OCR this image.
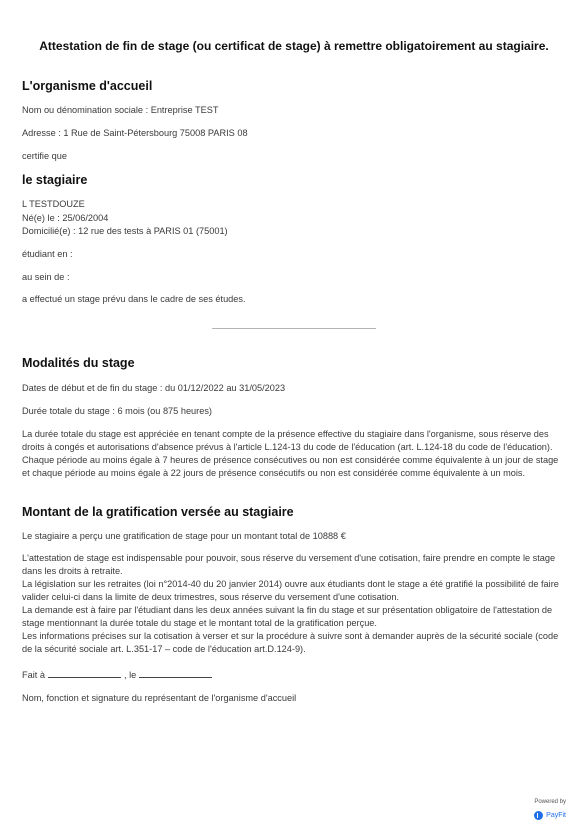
Attestation de fin de stage (ou certificat de stage) à remettre obligatoirement au stagiaire.
L'organisme d'accueil

Nom ou dénomination sociale : Entreprise TEST

Adresse : 1 Rue de Saint-Pétersbourg 75008 PARIS 08

certifie que

le stagiaire

L TESTDOUZE

Né(e) le : 25/06/2004

Domicilié(e) : 12 rue des tests à PARIS 01 (75001)

étudiant en :

au sein de :

a effectué un stage prévu dans le cadre de ses études.

Modalités du stage

Dates de début et de fin du stage : du 01/12/2022 au 31/05/2023

Durée totale du stage : 6 mois (ou 875 heures)

La durée totale du stage est appréciée en tenant compte de la présence effective du stagiaire dans l'organisme, sous réserve des droits à congés et autorisations d'absence prévus à l'article L.124-13 du code de l'éducation (art. L.124-18 du code de l'éducation). Chaque période au moins égale à 7 heures de présence consécutives ou non est considérée comme équivalente à un jour de stage et chaque période au moins égale à 22 jours de présence consécutifs ou non est considérée comme équivalente à un mois.

Montant de la gratification versée au stagiaire

Le stagiaire a perçu une gratification de stage pour un montant total de 10888 €

L'attestation de stage est indispensable pour pouvoir, sous réserve du versement d'une cotisation, faire prendre en compte le stage dans les droits à retraite.
La législation sur les retraites (loi n°2014-40 du 20 janvier 2014) ouvre aux étudiants dont le stage a été gratifié la possibilité de faire valider celui-ci dans la limite de deux trimestres, sous réserve du versement d'une cotisation.
La demande est à faire par l'étudiant dans les deux années suivant la fin du stage et sur présentation obligatoire de l'attestation de stage mentionnant la durée totale du stage et le montant total de la gratification perçue.
Les informations précises sur la cotisation à verser et sur la procédure à suivre sont à demander auprès de la sécurité sociale (code de la sécurité sociale art. L.351-17 – code de l'éducation art.D.124-9).

Fait à	, le

Nom, fonction et signature du représentant de l'organisme d'accueil

Powered by
PayFit
